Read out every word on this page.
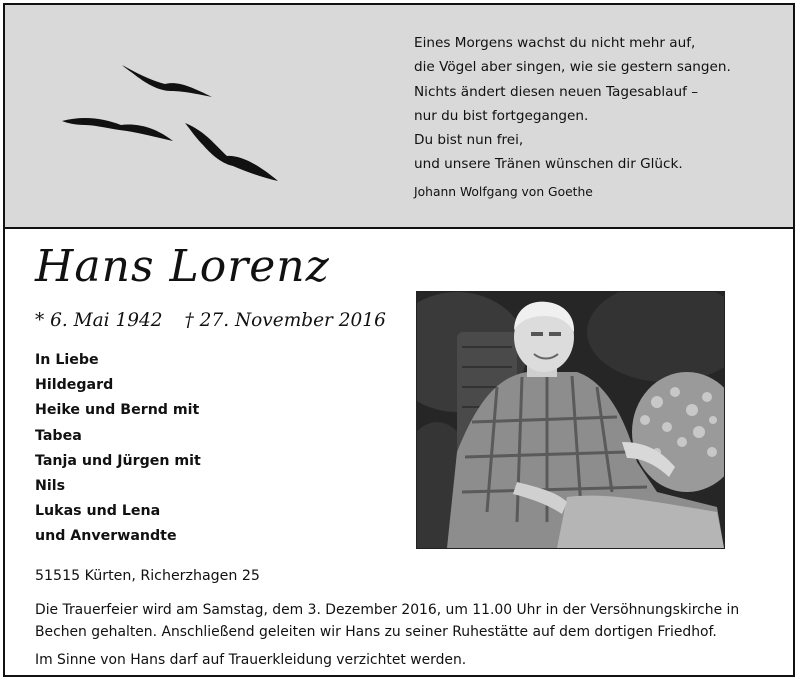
Eines Morgens wachst du nicht mehr auf,
die Vögel aber singen, wie sie gestern sangen.
Nichts ändert diesen neuen Tagesablauf –
nur du bist fortgegangen.
Du bist nun frei,
und unsere Tränen wünschen dir Glück.
Johann Wolfgang von Goethe
Hans Lorenz
* 6. Mai 1942 † 27. November 2016
In Liebe
Hildegard
Heike und Bernd mit
Tabea
Tanja und Jürgen mit
Nils
Lukas und Lena
und Anverwandte
51515 Kürten, Richerzhagen 25
Die Trauerfeier wird am Samstag, dem 3. Dezember 2016, um 11.00 Uhr in der Versöhnungskirche in
Bechen gehalten. Anschließend geleiten wir Hans zu seiner Ruhestätte auf dem dortigen Friedhof.
Im Sinne von Hans darf auf Trauerkleidung verzichtet werden.
